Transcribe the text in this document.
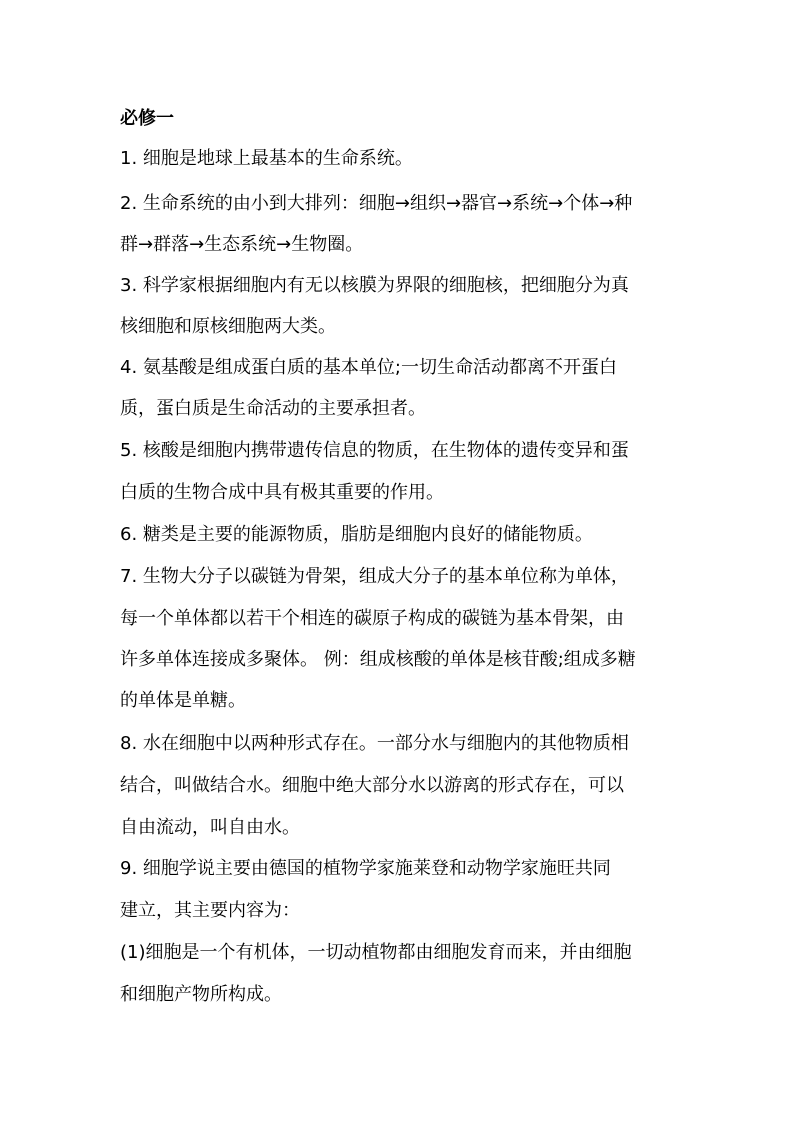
必修一
1. 细胞是地球上最基本的生命系统。
2. 生命系统的由小到大排列：细胞→组织→器官→系统→个体→种
群→群落→生态系统→生物圈。
3. 科学家根据细胞内有无以核膜为界限的细胞核，把细胞分为真
核细胞和原核细胞两大类。
4. 氨基酸是组成蛋白质的基本单位;一切生命活动都离不开蛋白
质，蛋白质是生命活动的主要承担者。
5. 核酸是细胞内携带遗传信息的物质，在生物体的遗传变异和蛋
白质的生物合成中具有极其重要的作用。
6. 糖类是主要的能源物质，脂肪是细胞内良好的储能物质。
7. 生物大分子以碳链为骨架，组成大分子的基本单位称为单体，
每一个单体都以若干个相连的碳原子构成的碳链为基本骨架，由
许多单体连接成多聚体。 例：组成核酸的单体是核苷酸;组成多糖
的单体是单糖。
8. 水在细胞中以两种形式存在。一部分水与细胞内的其他物质相
结合，叫做结合水。细胞中绝大部分水以游离的形式存在，可以
自由流动，叫自由水。
9. 细胞学说主要由德国的植物学家施莱登和动物学家施旺共同
建立，其主要内容为：
(1)细胞是一个有机体，一切动植物都由细胞发育而来，并由细胞
和细胞产物所构成。
